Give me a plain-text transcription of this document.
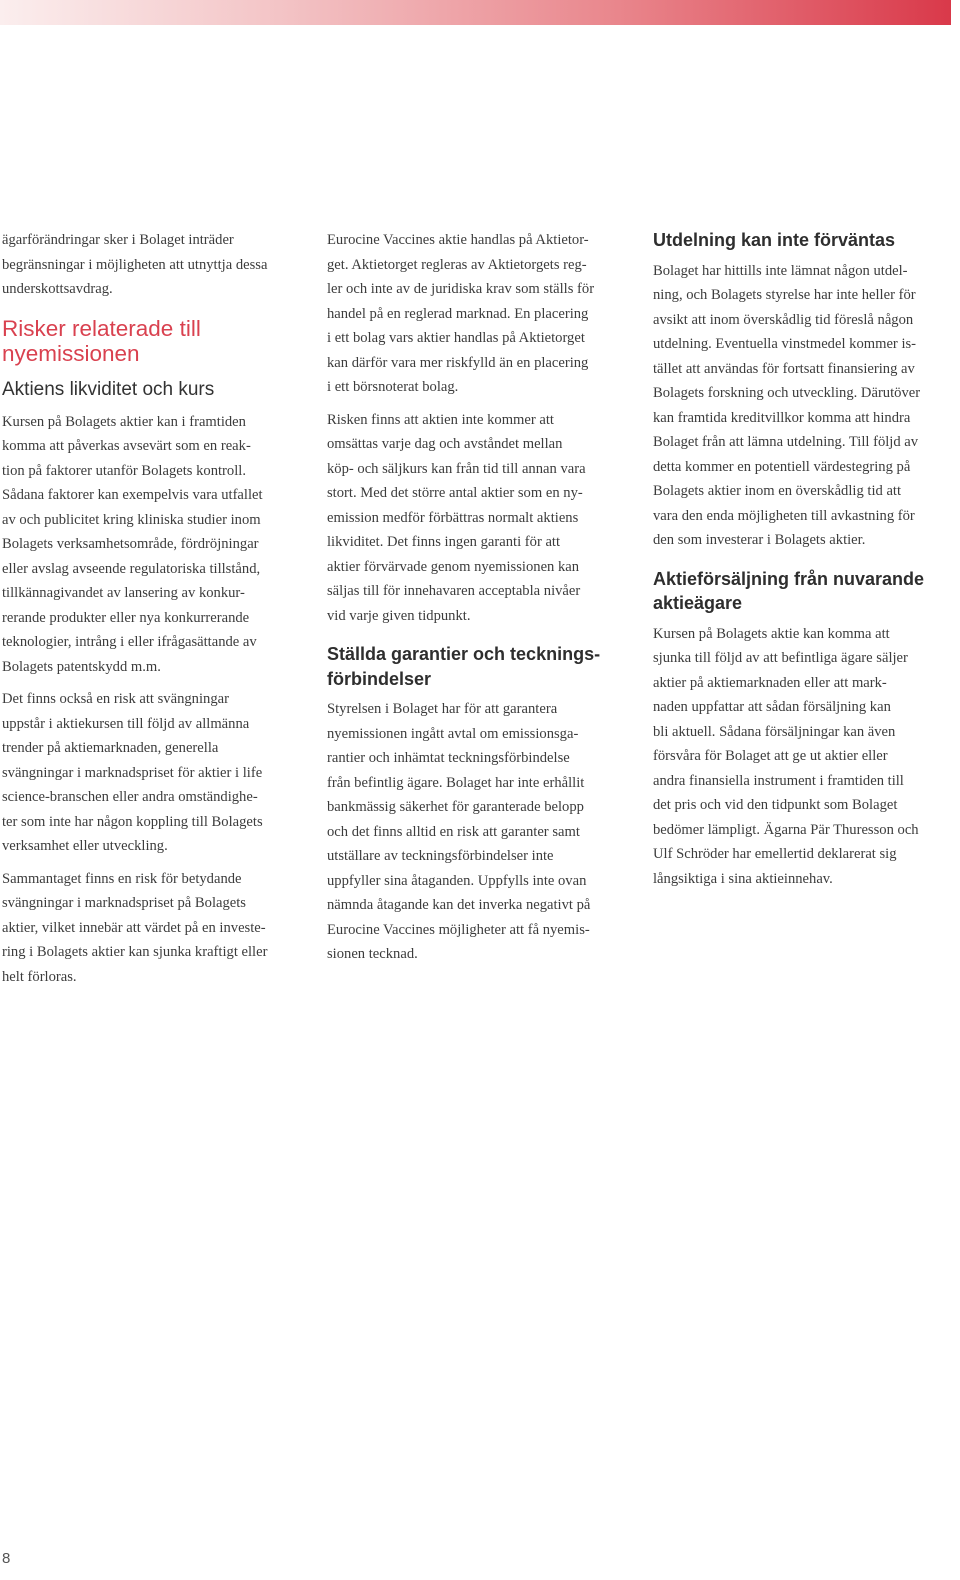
ägarförändringar sker i Bolaget inträder
begränsningar i möjligheten att utnyttja dessa
underskottsavdrag.

Risker relaterade till
nyemissionen
Aktiens likviditet och kurs

Kursen på Bolagets aktier kan i framtiden
komma att påverkas avsevärt som en reak-
tion på faktorer utanför Bolagets kontroll.
Sådana faktorer kan exempelvis vara utfallet
av och publicitet kring kliniska studier inom
Bolagets verksamhetsområde, fördröjningar
eller avslag avseende regulatoriska tillstånd,
tillkännagivandet av lansering av konkur-
rerande produkter eller nya konkurrerande
teknologier, intrång i eller ifrågasättande av
Bolagets patentskydd m.m.

Det finns också en risk att svängningar
uppstår i aktiekursen till följd av allmänna
trender på aktiemarknaden, generella
svängningar i marknadspriset för aktier i life
science-branschen eller andra omständighe-
ter som inte har någon koppling till Bolagets
verksamhet eller utveckling.

Sammantaget finns en risk för betydande
svängningar i marknadspriset på Bolagets
aktier, vilket innebär att värdet på en investe-
ring i Bolagets aktier kan sjunka kraftigt eller
helt förloras.

Eurocine Vaccines aktie handlas på Aktietor-
get. Aktietorget regleras av Aktietorgets reg-
ler och inte av de juridiska krav som ställs för
handel på en reglerad marknad. En placering
i ett bolag vars aktier handlas på Aktietorget
kan därför vara mer riskfylld än en placering
i ett börsnoterat bolag.

Risken finns att aktien inte kommer att
omsättas varje dag och avståndet mellan
köp- och säljkurs kan från tid till annan vara
stort. Med det större antal aktier som en ny-
emission medför förbättras normalt aktiens
likviditet. Det finns ingen garanti för att
aktier förvärvade genom nyemissionen kan
säljas till för innehavaren acceptabla nivåer
vid varje given tidpunkt.

Ställda garantier och tecknings-
förbindelser

Styrelsen i Bolaget har för att garantera
nyemissionen ingått avtal om emissionsga-
rantier och inhämtat teckningsförbindelse
från befintlig ägare. Bolaget har inte erhållit
bankmässig säkerhet för garanterade belopp
och det finns alltid en risk att garanter samt
utställare av teckningsförbindelser inte
uppfyller sina åtaganden. Uppfylls inte ovan
nämnda åtagande kan det inverka negativt på
Eurocine Vaccines möjligheter att få nyemis-
sionen tecknad.

Utdelning kan inte förväntas

Bolaget har hittills inte lämnat någon utdel-
ning, och Bolagets styrelse har inte heller för
avsikt att inom överskådlig tid föreslå någon
utdelning. Eventuella vinstmedel kommer is-
tället att användas för fortsatt finansiering av
Bolagets forskning och utveckling. Därutöver
kan framtida kreditvillkor komma att hindra
Bolaget från att lämna utdelning. Till följd av
detta kommer en potentiell värdestegring på
Bolagets aktier inom en överskådlig tid att
vara den enda möjligheten till avkastning för
den som investerar i Bolagets aktier.

Aktieförsäljning från nuvarande
aktieägare

Kursen på Bolagets aktie kan komma att
sjunka till följd av att befintliga ägare säljer
aktier på aktiemarknaden eller att mark-
naden uppfattar att sådan försäljning kan
bli aktuell. Sådana försäljningar kan även
försvåra för Bolaget att ge ut aktier eller
andra finansiella instrument i framtiden till
det pris och vid den tidpunkt som Bolaget
bedömer lämpligt. Ägarna Pär Thuresson och
Ulf Schröder har emellertid deklarerat sig
långsiktiga i sina aktieinnehav.

8
